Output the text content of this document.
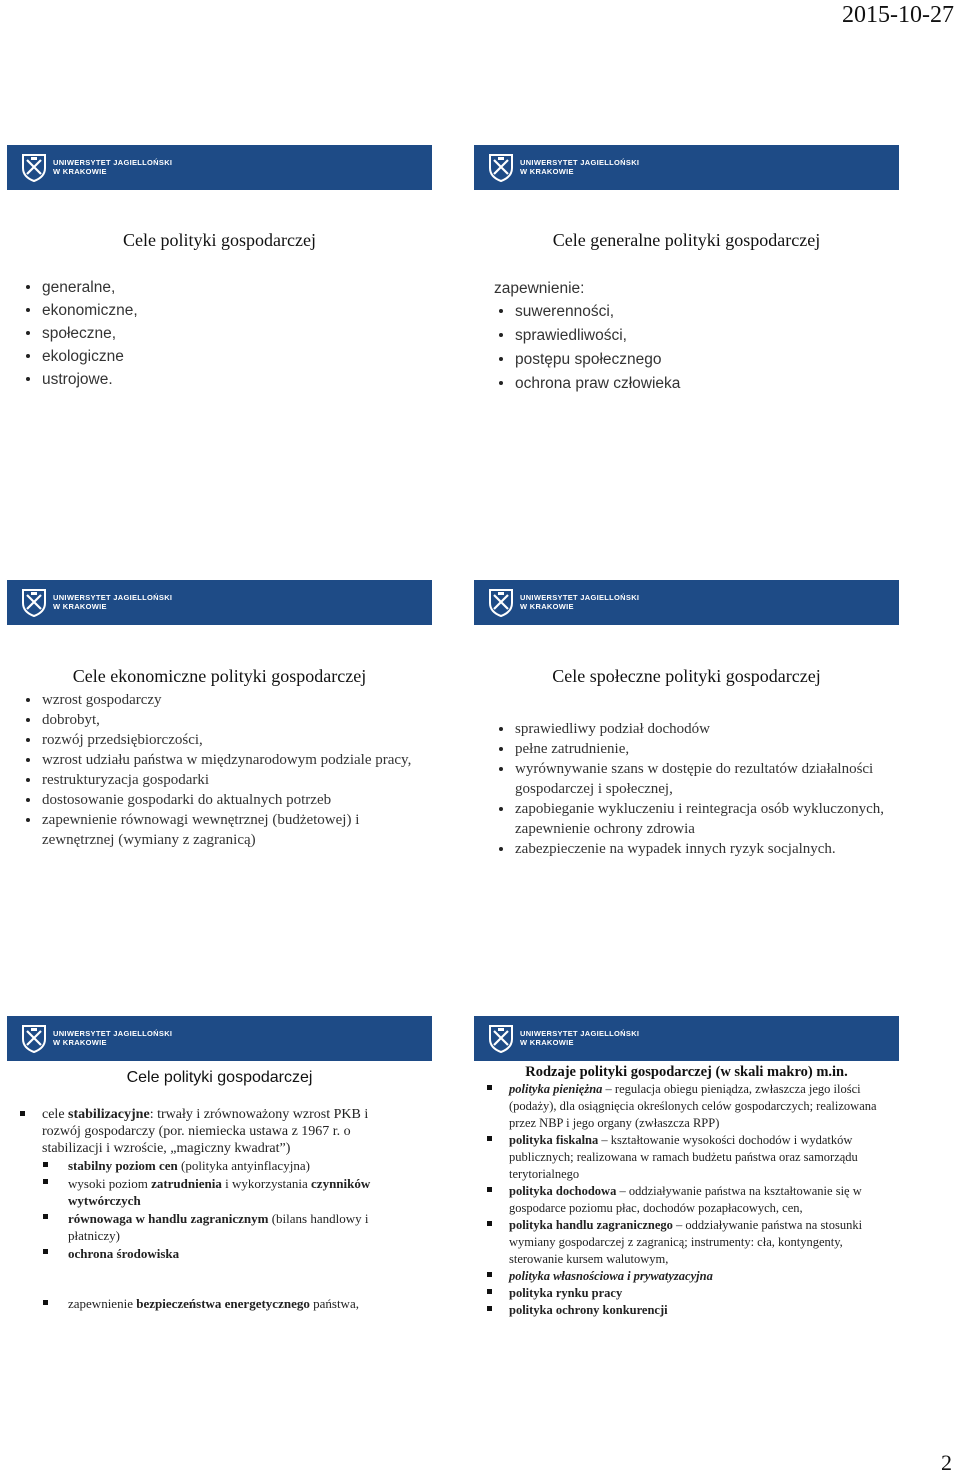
2015-10-27
UNIWERSYTET JAGIELLOŃSKI
W KRAKOWIE
Cele polityki gospodarczej
generalne,
ekonomiczne,
społeczne,
ekologiczne
ustrojowe.
UNIWERSYTET JAGIELLOŃSKI
W KRAKOWIE
Cele generalne polityki gospodarczej
zapewnienie:
suwerenności,
sprawiedliwości,
postępu społecznego
ochrona praw człowieka
UNIWERSYTET JAGIELLOŃSKI
W KRAKOWIE
Cele ekonomiczne polityki gospodarczej
wzrost gospodarczy
dobrobyt,
rozwój przedsiębiorczości,
wzrost udziału państwa w międzynarodowym podziale pracy,
restrukturyzacja gospodarki
dostosowanie gospodarki do aktualnych potrzeb
zapewnienie równowagi wewnętrznej (budżetowej) i zewnętrznej (wymiany z zagranicą)
UNIWERSYTET JAGIELLOŃSKI
W KRAKOWIE
Cele społeczne polityki gospodarczej
sprawiedliwy podział dochodów
pełne zatrudnienie,
wyrównywanie szans w dostępie do rezultatów działalności gospodarczej i społecznej,
zapobieganie wykluczeniu i reintegracja osób wykluczonych, zapewnienie ochrony zdrowia
zabezpieczenie na wypadek innych ryzyk socjalnych.
UNIWERSYTET JAGIELLOŃSKI
W KRAKOWIE
Cele polityki gospodarczej
cele stabilizacyjne: trwały i zrównoważony wzrost PKB i rozwój gospodarczy (por. niemiecka ustawa z 1967 r. o stabilizacji i wzroście, „magiczny kwadrat”)
stabilny poziom cen (polityka antyinflacyjna)
wysoki poziom zatrudnienia i wykorzystania czynników wytwórczych
równowaga w handlu zagranicznym (bilans handlowy i płatniczy)
ochrona środowiska
zapewnienie bezpieczeństwa energetycznego państwa,
UNIWERSYTET JAGIELLOŃSKI
W KRAKOWIE
Rodzaje polityki gospodarczej (w skali makro) m.in.
polityka pieniężna – regulacja obiegu pieniądza, zwłaszcza jego ilości (podaży), dla osiągnięcia określonych celów gospodarczych; realizowana przez NBP i jego organy (zwłaszcza RPP)
polityka fiskalna – kształtowanie wysokości dochodów i wydatków publicznych; realizowana w ramach budżetu państwa oraz samorządu terytorialnego
polityka dochodowa – oddziaływanie państwa na kształtowanie się w gospodarce poziomu płac, dochodów pozapłacowych, cen,
polityka handlu zagranicznego – oddziaływanie państwa na stosunki wymiany gospodarczej z zagranicą; instrumenty: cła, kontyngenty, sterowanie kursem walutowym,
polityka własnościowa i prywatyzacyjna
polityka rynku pracy
polityka ochrony konkurencji
2
